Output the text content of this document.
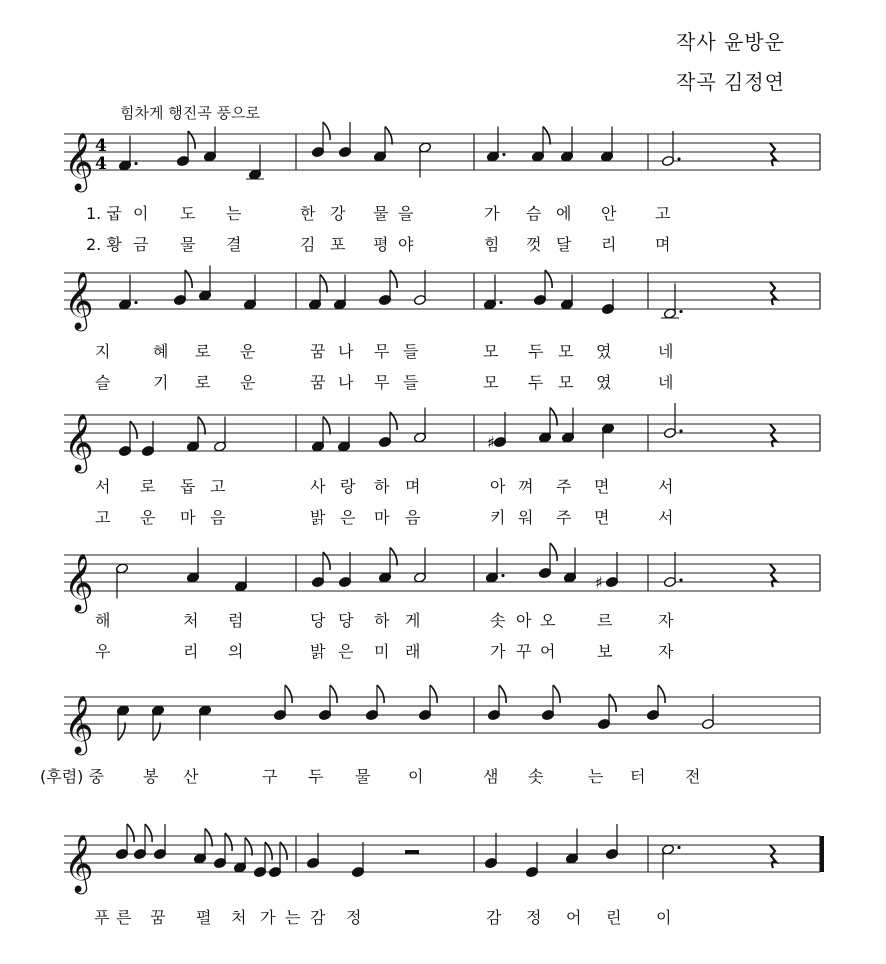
작사 윤방운
작곡 김정연
힘차게 행진곡 풍으로
𝄞 4
4
𝄞
𝄞	♯
𝄞	♯
𝄞
𝄞
1. 굽 이 도 는	한 강 물 을	가 슴 에 안 고
2. 황 금 물 결	김 포 평 야	힘 껏 달 리 며
지	혜 로 운	꿈 나 무 들	모 두 모 였	네
슬	기 로 운	꿈 나 무 들	모 두 모 였	네
서 로 돕 고	사 랑 하 며	아 껴 주 면	서
고 운 마 음	밝 은 마 음	키 워 주 면	서
해	처 럼	당 당 하 게	솟 아 오	르	자
우	리 의	밝 은 미 래	가 꾸 어	보	자
(후렴) 중 봉 산	구 두 물 이	샘 솟	는 터 전
푸 른 꿈 펼 처 가 는 감 정	감 정 어 린 이
